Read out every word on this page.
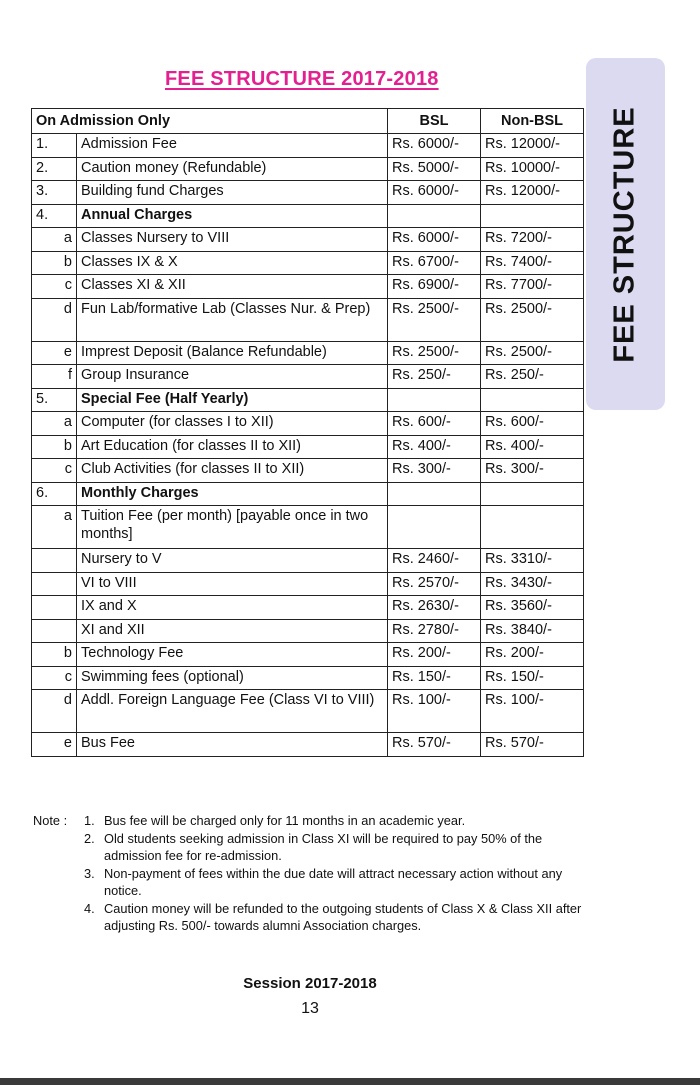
FEE STRUCTURE 2017-2018
On Admission Only		BSL	Non-BSL
1.	Admission Fee	Rs. 6000/-	Rs. 12000/-
2.	Caution money (Refundable)	Rs. 5000/-	Rs. 10000/-
3.	Building fund Charges	Rs. 6000/-	Rs. 12000/-
4.	Annual Charges		
a	Classes Nursery to VIII	Rs. 6000/-	Rs. 7200/-
b	Classes IX & X	Rs. 6700/-	Rs. 7400/-
c	Classes XI & XII	Rs. 6900/-	Rs. 7700/-
d	Fun Lab/formative Lab (Classes Nur. & Prep)	Rs. 2500/-	Rs. 2500/-
e	Imprest Deposit (Balance Refundable)	Rs. 2500/-	Rs. 2500/-
f	Group Insurance	Rs. 250/-	Rs. 250/-
5.	Special Fee (Half Yearly)		
a	Computer (for classes I to XII)	Rs. 600/-	Rs. 600/-
b	Art Education (for classes II to XII)	Rs. 400/-	Rs. 400/-
c	Club Activities (for classes II to XII)	Rs. 300/-	Rs. 300/-
6.	Monthly Charges		
a	Tuition Fee (per month) [payable once in two months]		
	Nursery to V	Rs. 2460/-	Rs. 3310/-
	VI to VIII	Rs. 2570/-	Rs. 3430/-
	IX and X	Rs. 2630/-	Rs. 3560/-
	XI and XII	Rs. 2780/-	Rs. 3840/-
b	Technology Fee	Rs. 200/-	Rs. 200/-
c	Swimming fees (optional)	Rs. 150/-	Rs. 150/-
d	Addl. Foreign Language Fee (Class VI to VIII)	Rs. 100/-	Rs. 100/-
e	Bus Fee	Rs. 570/-	Rs. 570/-
FEE STRUCTURE
Note : 1. Bus fee will be charged only for 11 months in an academic year.
2. Old students seeking admission in Class XI will be required to pay 50% of the admission fee for re-admission.
3. Non-payment of fees within the due date will attract necessary action without any notice.
4. Caution money will be refunded to the outgoing students of Class X & Class XII after adjusting Rs. 500/- towards alumni Association charges.
Session 2017-2018
13
